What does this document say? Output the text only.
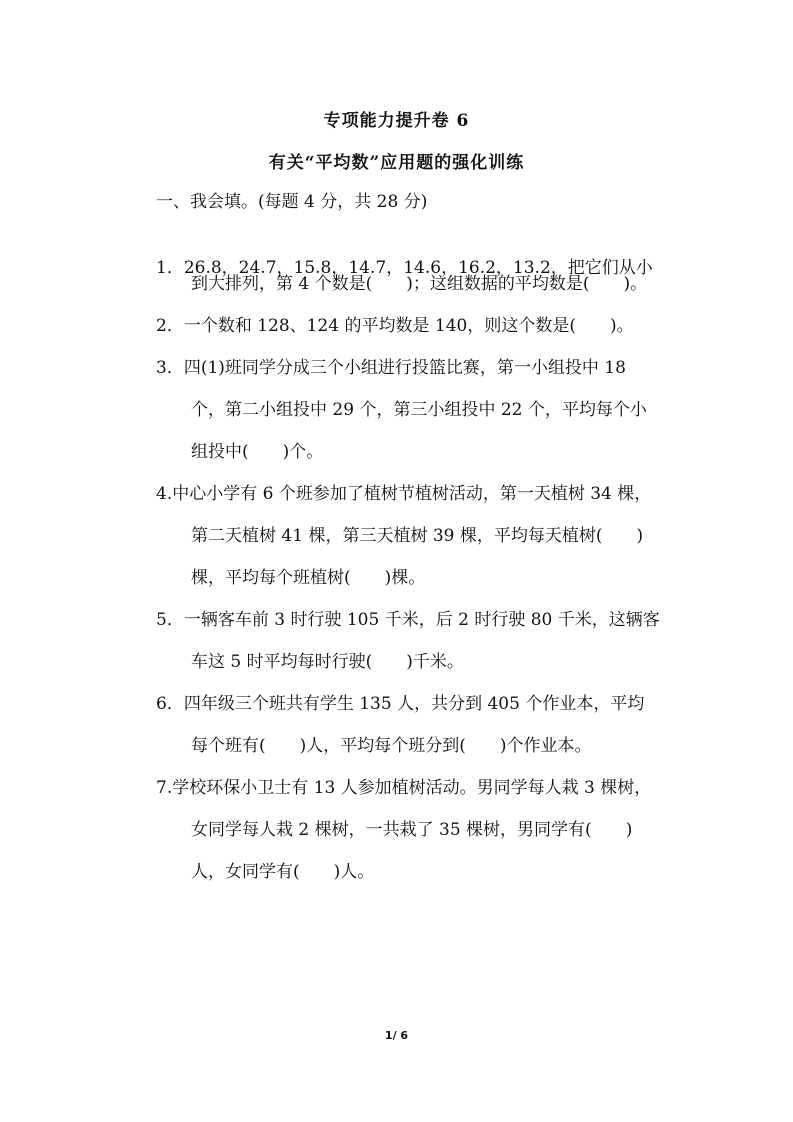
专项能力提升卷 6
有关“平均数”应用题的强化训练
一、我会填。(每题 4 分，共 28 分)
1．26.8，24.7，15.8，14.7，14.6，16.2，13.2，把它们从小
到大排列，第 4 个数是(　　)；这组数据的平均数是(　　)。
2．一个数和 128、124 的平均数是 140，则这个数是(　　)。
3．四(1)班同学分成三个小组进行投篮比赛，第一小组投中 18
个，第二小组投中 29 个，第三小组投中 22 个，平均每个小
组投中(　　)个。
4.中心小学有 6 个班参加了植树节植树活动，第一天植树 34 棵，
第二天植树 41 棵，第三天植树 39 棵，平均每天植树(　　)
棵，平均每个班植树(　　)棵。
5．一辆客车前 3 时行驶 105 千米，后 2 时行驶 80 千米，这辆客
车这 5 时平均每时行驶(　　)千米。
6．四年级三个班共有学生 135 人，共分到 405 个作业本，平均
每个班有(　　)人，平均每个班分到(　　)个作业本。
7.学校环保小卫士有 13 人参加植树活动。男同学每人栽 3 棵树，
女同学每人栽 2 棵树，一共栽了 35 棵树，男同学有(　　)
人，女同学有(　　)人。
1/ 6
